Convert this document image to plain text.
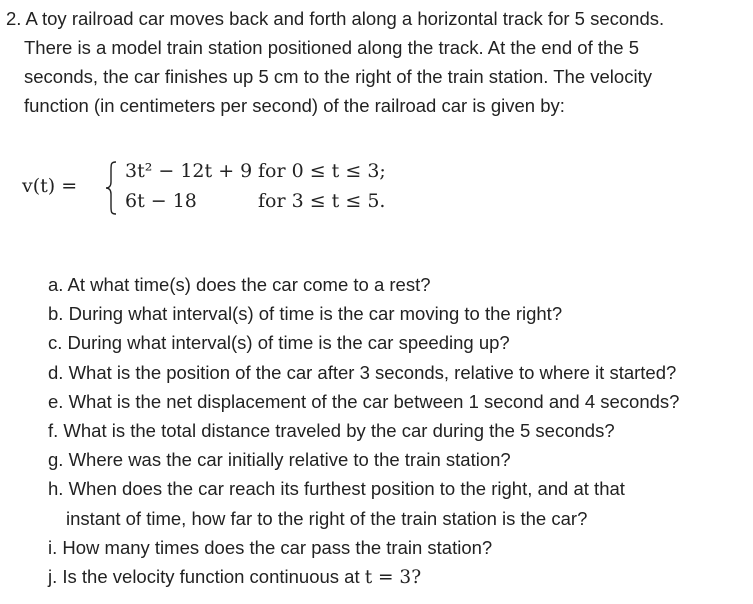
2. A toy railroad car moves back and forth along a horizontal track for 5 seconds.
There is a model train station positioned along the track. At the end of the 5
seconds, the car finishes up 5 cm to the right of the train station. The velocity
function (in centimeters per second) of the railroad car is given by:
v(t) =
3t² − 12t + 9 for 0 ≤ t ≤ 3;
6t − 18	for 3 ≤ t ≤ 5.
a. At what time(s) does the car come to a rest?
b. During what interval(s) of time is the car moving to the right?
c. During what interval(s) of time is the car speeding up?
d. What is the position of the car after 3 seconds, relative to where it started?
e. What is the net displacement of the car between 1 second and 4 seconds?
f. What is the total distance traveled by the car during the 5 seconds?
g. Where was the car initially relative to the train station?
h. When does the car reach its furthest position to the right, and at that
instant of time, how far to the right of the train station is the car?
i. How many times does the car pass the train station?
j. Is the velocity function continuous at t = 3?
